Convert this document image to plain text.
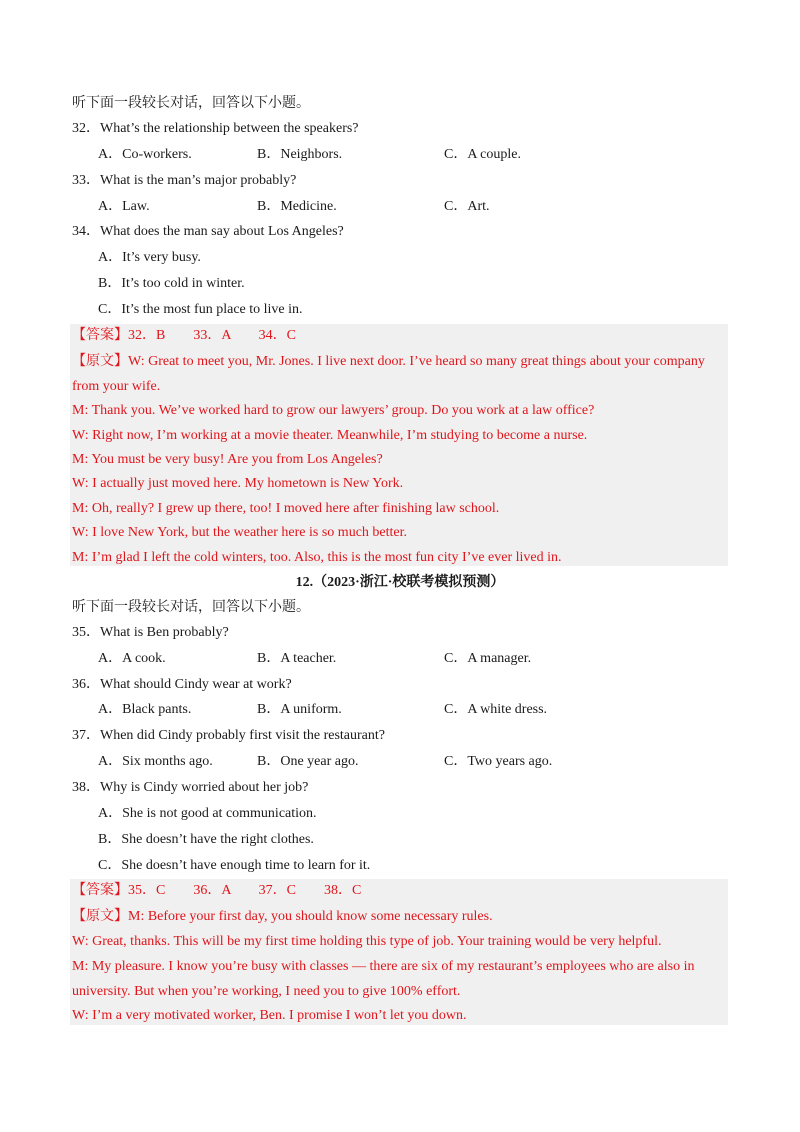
听下面一段较长对话，回答以下小题。
32．What’s the relationship between the speakers?
A．Co-workers.	B．Neighbors.	C．A couple.
33．What is the man’s major probably?
A．Law.	B．Medicine.	C．Art.
34．What does the man say about Los Angeles?
A．It’s very busy.
B．It’s too cold in winter.
C．It’s the most fun place to live in.
【答案】32．B　　33．A　　34．C
【原文】W: Great to meet you, Mr. Jones. I live next door. I’ve heard so many great things about your company
from your wife.
M: Thank you. We’ve worked hard to grow our lawyers’ group. Do you work at a law office?
W: Right now, I’m working at a movie theater. Meanwhile, I’m studying to become a nurse.
M: You must be very busy! Are you from Los Angeles?
W: I actually just moved here. My hometown is New York.
M: Oh, really? I grew up there, too! I moved here after finishing law school.
W: I love New York, but the weather here is so much better.
M: I’m glad I left the cold winters, too. Also, this is the most fun city I’ve ever lived in.
12.（2023·浙江·校联考模拟预测）
听下面一段较长对话，回答以下小题。
35．What is Ben probably?
A．A cook.	B．A teacher.	C．A manager.
36．What should Cindy wear at work?
A．Black pants.	B．A uniform.	C．A white dress.
37．When did Cindy probably first visit the restaurant?
A．Six months ago.	B．One year ago.	C．Two years ago.
38．Why is Cindy worried about her job?
A．She is not good at communication.
B．She doesn’t have the right clothes.
C．She doesn’t have enough time to learn for it.
【答案】35．C　　36．A　　37．C　　38．C
【原文】M: Before your first day, you should know some necessary rules.
W: Great, thanks. This will be my first time holding this type of job. Your training would be very helpful.
M: My pleasure. I know you’re busy with classes — there are six of my restaurant’s employees who are also in
university. But when you’re working, I need you to give 100% effort.
W: I’m a very motivated worker, Ben. I promise I won’t let you down.
